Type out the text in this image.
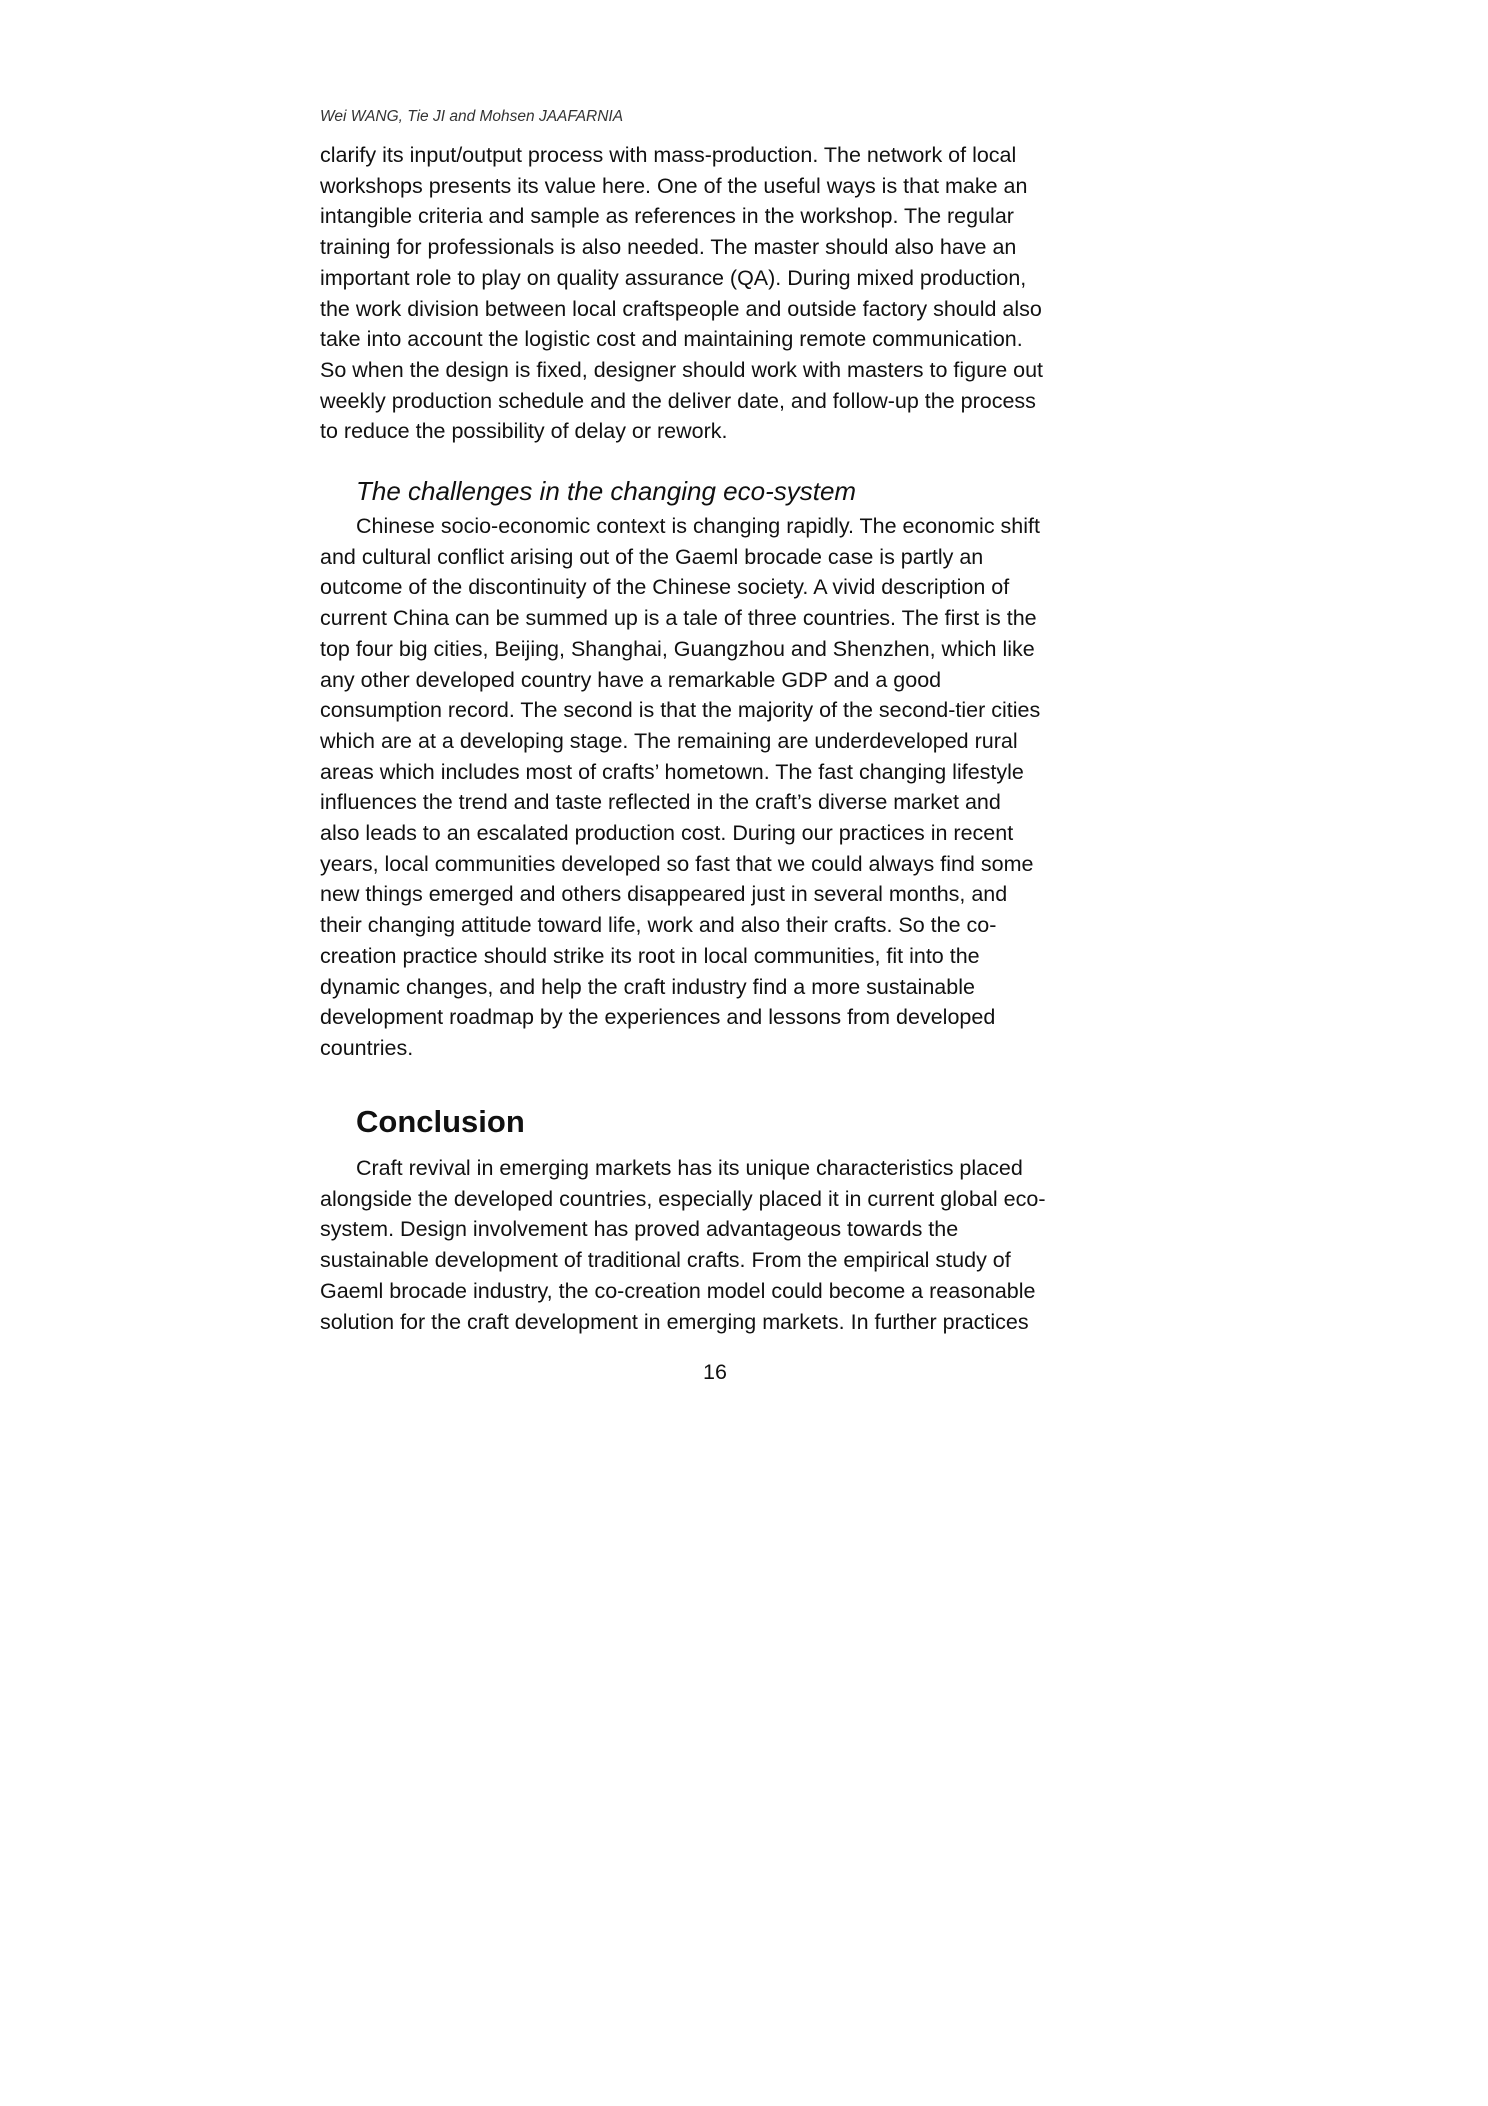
Wei WANG, Tie JI and Mohsen JAAFARNIA
clarify its input/output process with mass-production. The network of local
workshops presents its value here. One of the useful ways is that make an
intangible criteria and sample as references in the workshop. The regular
training for professionals is also needed. The master should also have an
important role to play on quality assurance (QA). During mixed production,
the work division between local craftspeople and outside factory should also
take into account the logistic cost and maintaining remote communication.
So when the design is fixed, designer should work with masters to figure out
weekly production schedule and the deliver date, and follow-up the process
to reduce the possibility of delay or rework.
The challenges in the changing eco-system
Chinese socio-economic context is changing rapidly. The economic shift
and cultural conflict arising out of the Gaeml brocade case is partly an
outcome of the discontinuity of the Chinese society. A vivid description of
current China can be summed up is a tale of three countries. The first is the
top four big cities, Beijing, Shanghai, Guangzhou and Shenzhen, which like
any other developed country have a remarkable GDP and a good
consumption record. The second is that the majority of the second-tier cities
which are at a developing stage. The remaining are underdeveloped rural
areas which includes most of crafts’ hometown. The fast changing lifestyle
influences the trend and taste reflected in the craft’s diverse market and
also leads to an escalated production cost. During our practices in recent
years, local communities developed so fast that we could always find some
new things emerged and others disappeared just in several months, and
their changing attitude toward life, work and also their crafts. So the co-
creation practice should strike its root in local communities, fit into the
dynamic changes, and help the craft industry find a more sustainable
development roadmap by the experiences and lessons from developed
countries.
Conclusion
Craft revival in emerging markets has its unique characteristics placed
alongside the developed countries, especially placed it in current global eco-
system. Design involvement has proved advantageous towards the
sustainable development of traditional crafts. From the empirical study of
Gaeml brocade industry, the co-creation model could become a reasonable
solution for the craft development in emerging markets. In further practices
16
